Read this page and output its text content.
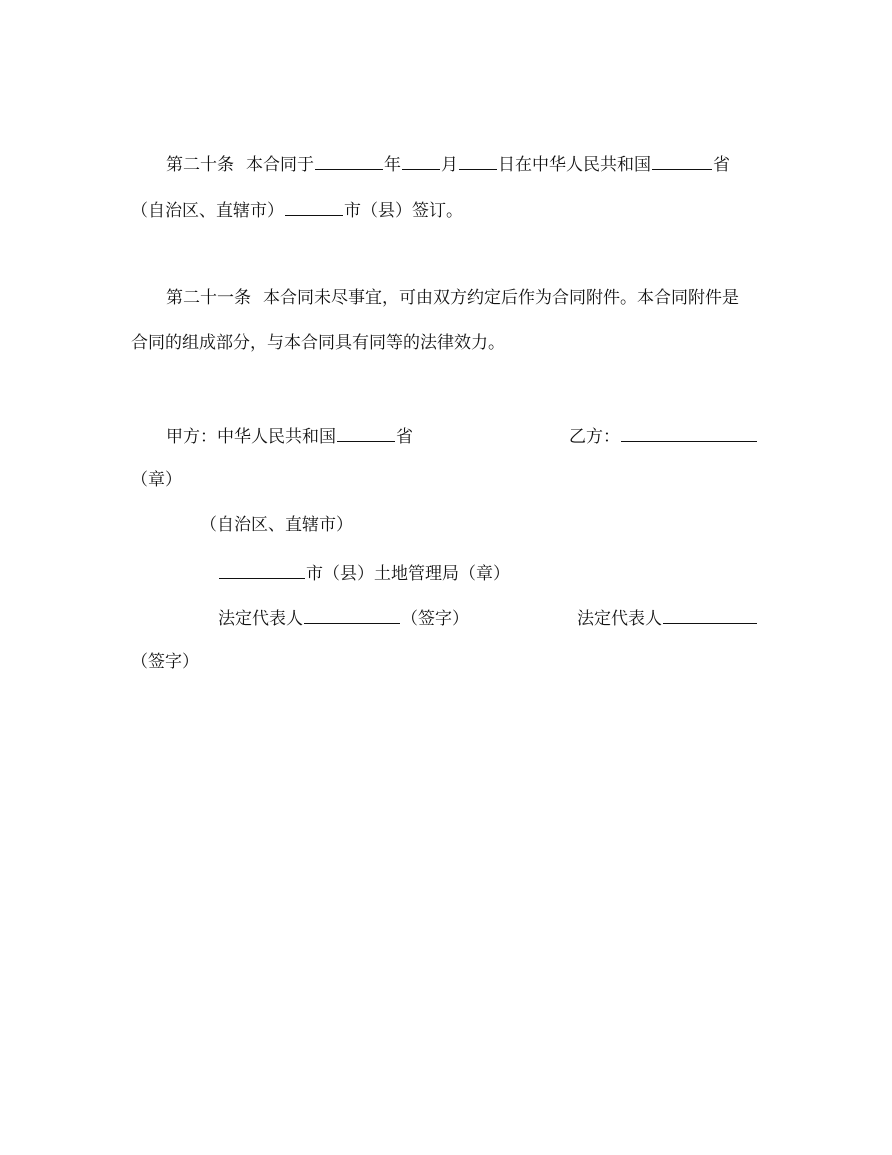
第二十条 本合同于	年 月 日在中华人民共和国	省
（自治区、直辖市）	市（县）签订。
第二十一条 本合同未尽事宜，可由双方约定后作为合同附件。本合同附件是
合同的组成部分，与本合同具有同等的法律效力。
甲方：中华人民共和国	省	乙方：
（章）
（自治区、直辖市）
市（县）土地管理局（章）
法定代表人	（签字）	法定代表人
（签字）
